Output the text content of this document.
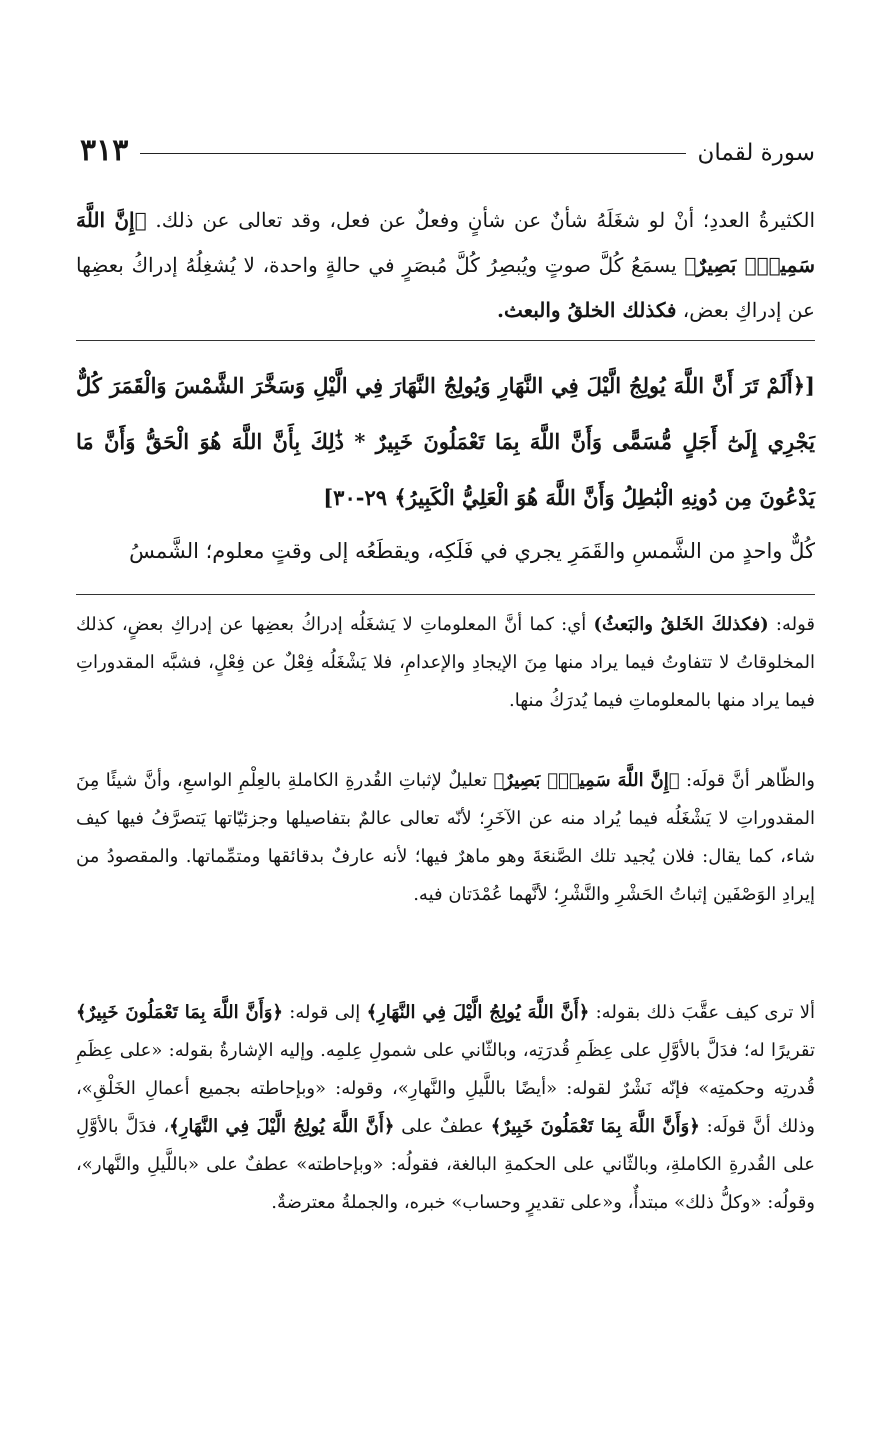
سورة لقمان
٣١٣

الكثيرةُ العددِ؛ أنْ لو شغَلَهُ شأنٌ عن شأنٍ وفعلٌ عن فعل، وقد تعالى عن ذلك. ﴿إِنَّ اللَّهَ سَمِيعُۢ بَصِيرٌ﴾ يسمَعُ كُلَّ صوتٍ ويُبصِرُ كُلَّ مُبصَرٍ في حالةٍ واحدة، لا يُشغِلُهُ إدراكُ بعضِها عن إدراكِ بعض، فكذلك الخلقُ والبعث.

[﴿أَلَمْ تَرَ أَنَّ اللَّهَ يُولِجُ الَّيْلَ فِي النَّهَارِ وَيُولِجُ النَّهَارَ فِي الَّيْلِ وَسَخَّرَ الشَّمْسَ وَالْقَمَرَ كُلٌّ يَجْرِي إِلَىٰٓ أَجَلٍ مُّسَمًّى وَأَنَّ اللَّهَ بِمَا تَعْمَلُونَ خَبِيرٌ * ذَٰلِكَ بِأَنَّ اللَّهَ هُوَ الْحَقُّ وَأَنَّ مَا يَدْعُونَ مِن دُونِهِ الْبَٰطِلُ وَأَنَّ اللَّهَ هُوَ الْعَلِيُّ الْكَبِيرُ﴾ ٢٩-٣٠]

كُلٌّ واحدٍ من الشَّمسِ والقَمَرِ يجري في فَلَكِه، ويقطَعُه إلى وقتٍ معلوم؛ الشَّمسُ

قوله: (فكذلكَ الخَلقُ والبَعثُ) أي: كما أنَّ المعلوماتِ لا يَشغَلُه إدراكُ بعضِها عن إدراكِ بعضٍ، كذلك المخلوقاتُ لا تتفاوتُ فيما يراد منها مِنَ الإيجادِ والإعدامِ، فلا يَشْغَلُه فِعْلٌ عن فِعْلٍ، فشبَّه المقدوراتِ فيما يراد منها بالمعلوماتِ فيما يُدرَكُ منها.

والظّاهر أنَّ قولَه: ﴿إِنَّ اللَّهَ سَمِيعُۢ بَصِيرٌ﴾ تعليلٌ لإثباتِ القُدرةِ الكاملةِ بالعِلْمِ الواسعِ، وأنَّ شيئًا مِنَ المقدوراتِ لا يَشْغَلُه فيما يُراد منه عن الآخَرِ؛ لأنّه تعالى عالمٌ بتفاصيلها وجزئيّاتها يَتصرَّفُ فيها كيف شاء، كما يقال: فلان يُجيد تلك الصَّنعَةَ وهو ماهرٌ فيها؛ لأنه عارفٌ بدقائقها ومتمِّماتها. والمقصودُ من إيرادِ الوَصْفَين إثباتُ الحَشْرِ والنَّشْرِ؛ لأنَّهما عُمْدَتان فيه.

ألا ترى كيف عقَّبَ ذلك بقوله: ﴿أَنَّ اللَّهَ يُولِجُ الَّيْلَ فِي النَّهَارِ﴾ إلى قوله: ﴿وَأَنَّ اللَّهَ بِمَا تَعْمَلُونَ خَبِيرٌ﴾ تقريرًا له؛ فدَلَّ بالأوَّلِ على عِظَمِ قُدرَتِه، وبالثّاني على شمولِ عِلمِه. وإليه الإشارةُ بقوله: «على عِظَمِ قُدرتِه وحكمتِه» فإنّه نَشْرٌ لقوله: «أيضًا باللَّيلِ والنَّهارِ»، وقوله: «وبإحاطته بجميع أعمالِ الخَلْقِ»، وذلك أنَّ قولَه: ﴿وَأَنَّ اللَّهَ بِمَا تَعْمَلُونَ خَبِيرٌ﴾ عطفٌ على ﴿أَنَّ اللَّهَ يُولِجُ الَّيْلَ فِي النَّهَارِ﴾، فدَلَّ بالأوَّلِ على القُدرةِ الكاملةِ، وبالثّاني على الحكمةِ البالغة، فقولُه: «وبإحاطته» عطفٌ على «باللَّيلِ والنَّهار»، وقولُه: «وكلُّ ذلك» مبتدأٌ، و«على تقديرٍ وحساب» خبره، والجملةُ معترضةٌ.
